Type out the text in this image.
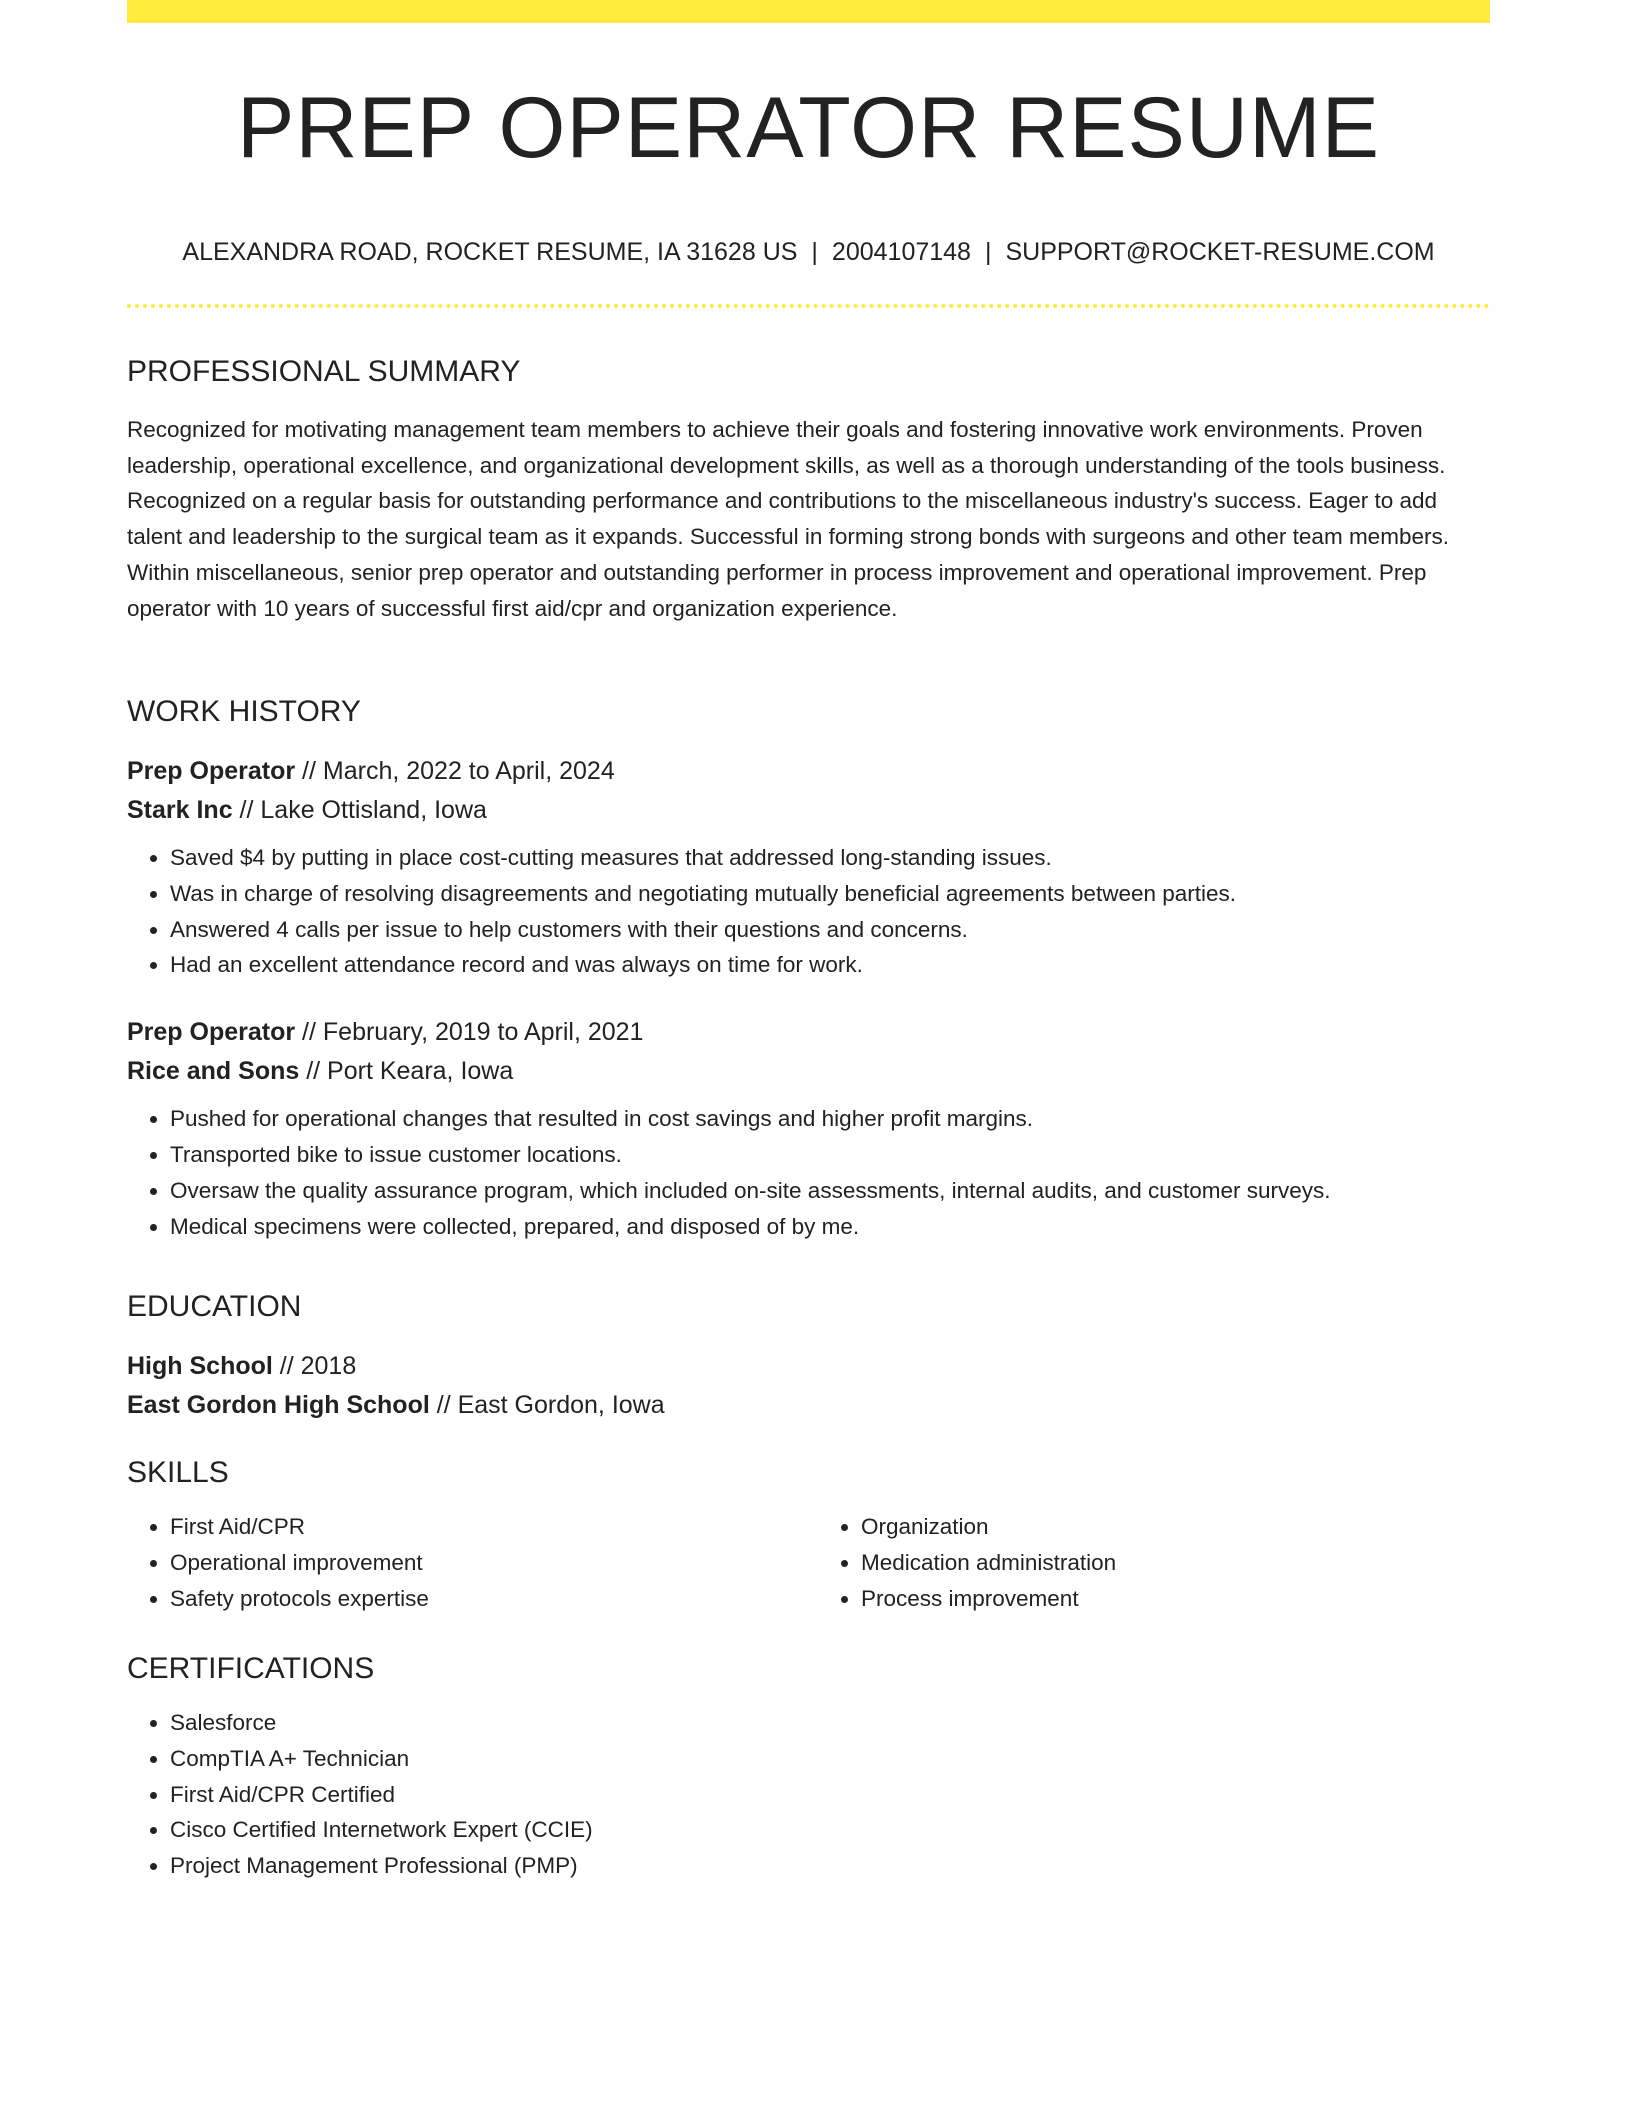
PREP OPERATOR RESUME
ALEXANDRA ROAD, ROCKET RESUME, IA 31628 US | 2004107148 | SUPPORT@ROCKET-RESUME.COM
PROFESSIONAL SUMMARY

Recognized for motivating management team members to achieve their goals and fostering innovative work environments. Proven leadership, operational excellence, and organizational development skills, as well as a thorough understanding of the tools business. Recognized on a regular basis for outstanding performance and contributions to the miscellaneous industry's success. Eager to add talent and leadership to the surgical team as it expands. Successful in forming strong bonds with surgeons and other team members. Within miscellaneous, senior prep operator and outstanding performer in process improvement and operational improvement. Prep operator with 10 years of successful first aid/cpr and organization experience.

WORK HISTORY

Prep Operator // March, 2022 to April, 2024

Stark Inc // Lake Ottisland, Iowa

• Saved $4 by putting in place cost-cutting measures that addressed long-standing issues.
• Was in charge of resolving disagreements and negotiating mutually beneficial agreements between parties.
• Answered 4 calls per issue to help customers with their questions and concerns.
• Had an excellent attendance record and was always on time for work.

Prep Operator // February, 2019 to April, 2021

Rice and Sons // Port Keara, Iowa

• Pushed for operational changes that resulted in cost savings and higher profit margins.
• Transported bike to issue customer locations.
• Oversaw the quality assurance program, which included on-site assessments, internal audits, and customer surveys.
• Medical specimens were collected, prepared, and disposed of by me.
EDUCATION

High School // 2018

East Gordon High School // East Gordon, Iowa

SKILLS
• First Aid/CPR
• Operational improvement
• Safety protocols expertise
• Organization
• Medication administration
• Process improvement
CERTIFICATIONS
• Salesforce
• CompTIA A+ Technician
• First Aid/CPR Certified
• Cisco Certified Internetwork Expert (CCIE)
• Project Management Professional (PMP)
